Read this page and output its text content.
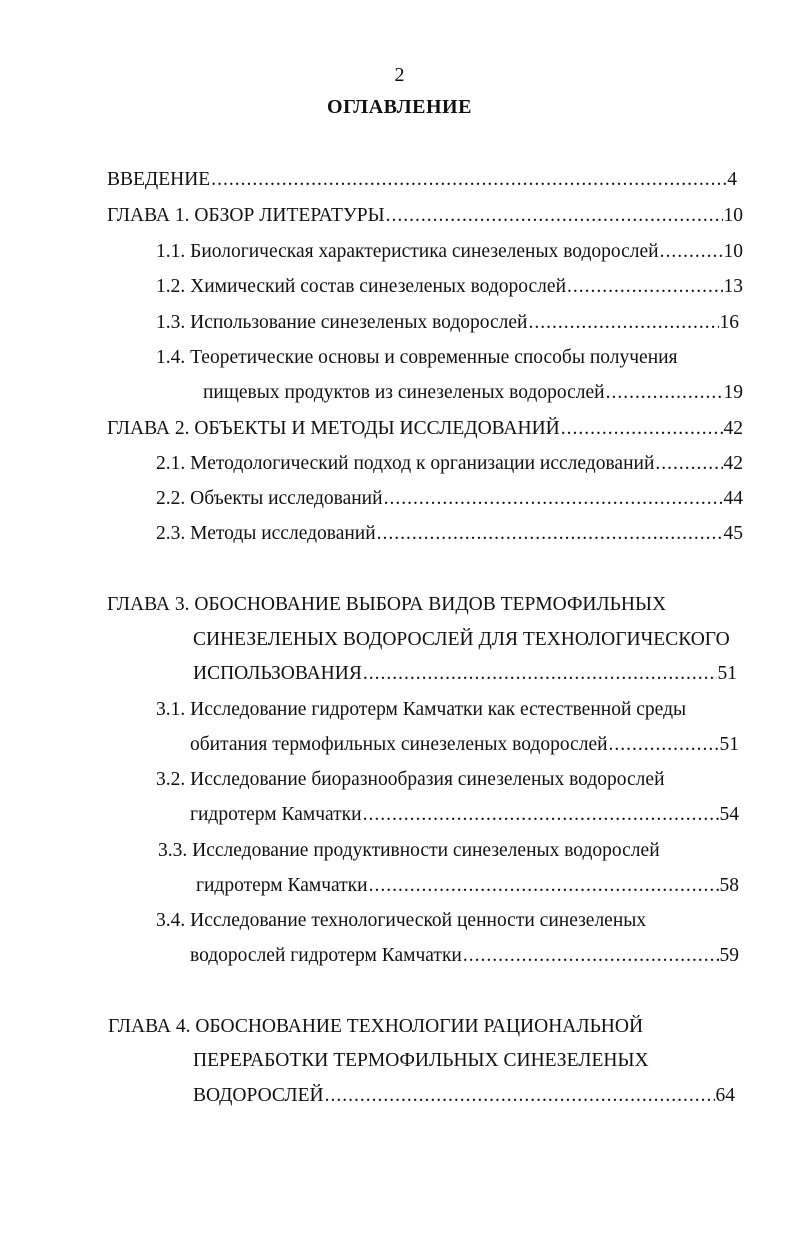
2
ОГЛАВЛЕНИЕ
ВВЕДЕНИЕ .....	4
ГЛАВА 1. ОБЗОР ЛИТЕРАТУРЫ .....	10
1.1. Биологическая характеристика синезеленых водорослей .....	10
1.2. Химический состав синезеленых водорослей .....	13
1.3. Использование синезеленых водорослей .....	16
1.4. Теоретические основы и современные способы получения
пищевых продуктов из синезеленых водорослей .....	19
ГЛАВА 2. ОБЪЕКТЫ И МЕТОДЫ ИССЛЕДОВАНИЙ .....	42
2.1. Методологический подход к организации исследований .....	42
2.2. Объекты исследований .....	44
2.3. Методы исследований .....	45
ГЛАВА 3. ОБОСНОВАНИЕ ВЫБОРА ВИДОВ ТЕРМОФИЛЬНЫХ
СИНЕЗЕЛЕНЫХ ВОДОРОСЛЕЙ ДЛЯ ТЕХНОЛОГИЧЕСКОГО
ИСПОЛЬЗОВАНИЯ .....	51
3.1. Исследование гидротерм Камчатки как естественной среды
обитания термофильных синезеленых водорослей .....	51
3.2. Исследование биоразнообразия синезеленых водорослей
гидротерм Камчатки .....	54
3.3. Исследование продуктивности синезеленых водорослей
гидротерм Камчатки .....	58
3.4. Исследование технологической ценности синезеленых
водорослей гидротерм Камчатки .....	59
ГЛАВА 4. ОБОСНОВАНИЕ ТЕХНОЛОГИИ РАЦИОНАЛЬНОЙ
ПЕРЕРАБОТКИ ТЕРМОФИЛЬНЫХ СИНЕЗЕЛЕНЫХ
ВОДОРОСЛЕЙ .....	64
